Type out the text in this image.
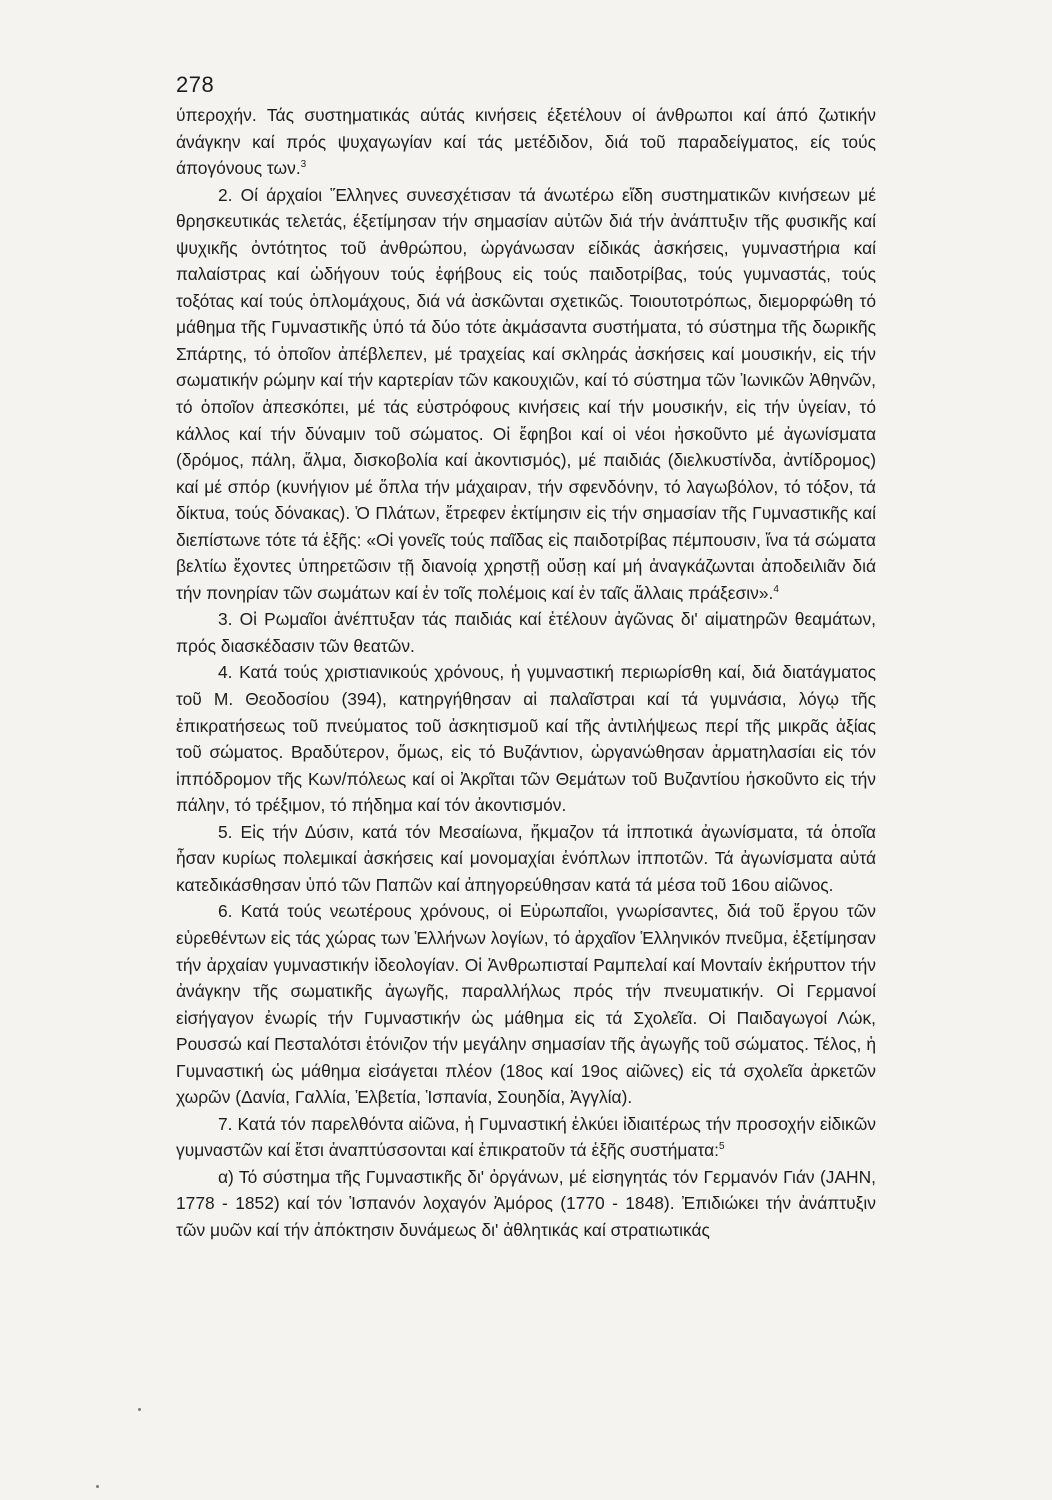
278

ύπεροχήν. Τάς συστηματικάς αύτάς κινήσεις έξετέλουν οί άνθρωποι καί άπό ζωτικήν άνάγκην καί πρός ψυχαγωγίαν καί τάς μετέδιδον, διά τοῦ παραδείγματος, είς τούς άπογόνους των.$^3$

2. Οί άρχαίοι Ἕλληνες συνεσχέτισαν τά άνωτέρω εἴδη συστηματικῶν κινήσεων μέ θρησκευτικάς τελετάς, έξετίμησαν τήν σημασίαν αὐτῶν διά τήν ἀνάπτυξιν τῆς φυσικῆς καί ψυχικῆς ὀντότητος τοῦ ἀνθρώπου, ὠργάνωσαν είδικάς ἀσκήσεις, γυμναστήρια καί παλαίστρας καί ὡδήγουν τούς ἐφήβους εἰς τούς παιδοτρίβας, τούς γυμναστάς, τούς τοξότας καί τούς ὁπλομάχους, διά νά ἀσκῶνται σχετικῶς. Τοιουτοτρόπως, διεμορφώθη τό μάθημα τῆς Γυμναστικῆς ὑπό τά δύο τότε ἀκμάσαντα συστήματα, τό σύστημα τῆς δωρικῆς Σπάρτης, τό ὁποῖον ἀπέβλεπεν, μέ τραχείας καί σκληράς ἀσκήσεις καί μουσικήν, εἰς τήν σωματικήν ρώμην καί τήν καρτερίαν τῶν κακουχιῶν, καί τό σύστημα τῶν Ἰωνικῶν Ἀθηνῶν, τό ὁποῖον ἀπεσκόπει, μέ τάς εὐστρόφους κινήσεις καί τήν μουσικήν, εἰς τήν ὑγείαν, τό κάλλος καί τήν δύναμιν τοῦ σώματος. Οἱ ἔφηβοι καί οἱ νέοι ἠσκοῦντο μέ ἀγωνίσματα (δρόμος, πάλη, ἅλμα, δισκοβολία καί ἀκοντισμός), μέ παιδιάς (διελκυστίνδα, ἀντίδρομος) καί μέ σπόρ (κυνήγιον μέ ὅπλα τήν μάχαιραν, τήν σφενδόνην, τό λαγωβόλον, τό τόξον, τά δίκτυα, τούς δόνακας). Ὁ Πλάτων, ἔτρεφεν ἐκτίμησιν εἰς τήν σημασίαν τῆς Γυμναστικῆς καί διεπίστωνε τότε τά ἑξῆς: «Οἱ γονεῖς τούς παῖδας εἰς παιδοτρίβας πέμπουσιν, ἵνα τά σώματα βελτίω ἔχοντες ὑπηρετῶσιν τῇ διανοίᾳ χρηστῇ οὔσῃ καί μή ἀναγκάζωνται ἀποδειλιᾶν διά τήν πονηρίαν τῶν σωμάτων καί ἐν τοῖς πολέμοις καί ἐν ταῖς ἄλλαις πράξεσιν».$^4$

3. Οἱ Ρωμαῖοι ἀνέπτυξαν τάς παιδιάς καί ἐτέλουν ἀγῶνας δι' αἱματηρῶν θεαμάτων, πρός διασκέδασιν τῶν θεατῶν.

4. Κατά τούς χριστιανικούς χρόνους, ἡ γυμναστική περιωρίσθη καί, διά διατάγματος τοῦ Μ. Θεοδοσίου (394), κατηργήθησαν αἱ παλαῖστραι καί τά γυμνάσια, λόγῳ τῆς ἐπικρατήσεως τοῦ πνεύματος τοῦ ἀσκητισμοῦ καί τῆς ἀντιλήψεως περί τῆς μικρᾶς ἀξίας τοῦ σώματος. Βραδύτερον, ὅμως, εἰς τό Βυζάντιον, ὡργανώθησαν ἁρματηλασίαι εἰς τόν ἱππόδρομον τῆς Κων/πόλεως καί οἱ Ἀκρῖται τῶν Θεμάτων τοῦ Βυζαντίου ἠσκοῦντο εἰς τήν πάλην, τό τρέξιμον, τό πήδημα καί τόν ἀκοντισμόν.

5. Εἰς τήν Δύσιν, κατά τόν Μεσαίωνα, ἤκμαζον τά ἱπποτικά ἀγωνίσματα, τά ὁποῖα ἦσαν κυρίως πολεμικαί ἀσκήσεις καί μονομαχίαι ἐνόπλων ἱπποτῶν. Τά ἀγωνίσματα αὐτά κατεδικάσθησαν ὑπό τῶν Παπῶν καί ἀπηγορεύθησαν κατά τά μέσα τοῦ 16ου αἰῶνος.

6. Κατά τούς νεωτέρους χρόνους, οἱ Εὐρωπαῖοι, γνωρίσαντες, διά τοῦ ἔργου τῶν εὑρεθέντων εἰς τάς χώρας των Ἑλλήνων λογίων, τό ἀρχαῖον Ἑλληνικόν πνεῦμα, ἐξετίμησαν τήν ἀρχαίαν γυμναστικήν ἰδεολογίαν. Οἱ Ἀνθρωπισταί Ραμπελαί καί Μονταίν ἐκήρυττον τήν ἀνάγκην τῆς σωματικῆς ἀγωγῆς, παραλλήλως πρός τήν πνευματικήν. Οἱ Γερμανοί εἰσήγαγον ἐνωρίς τήν Γυμναστικήν ὡς μάθημα εἰς τά Σχολεῖα. Οἱ Παιδαγωγοί Λώκ, Ρουσσώ καί Πεσταλότσι ἐτόνιζον τήν μεγάλην σημασίαν τῆς ἀγωγῆς τοῦ σώματος. Τέλος, ἡ Γυμναστική ὡς μάθημα εἰσάγεται πλέον (18ος καί 19ος αἰῶνες) εἰς τά σχολεῖα ἀρκετῶν χωρῶν (Δανία, Γαλλία, Ἑλβετία, Ἱσπανία, Σουηδία, Ἀγγλία).

7. Κατά τόν παρελθόντα αἰῶνα, ἡ Γυμναστική ἑλκύει ἰδιαιτέρως τήν προσοχήν εἰδικῶν γυμναστῶν καί ἔτσι ἀναπτύσσονται καί ἐπικρατοῦν τά ἑξῆς συστήματα:$^5$

α) Τό σύστημα τῆς Γυμναστικῆς δι' ὀργάνων, μέ εἰσηγητάς τόν Γερμανόν Γιάν (JAHN, 1778 - 1852) καί τόν Ἱσπανόν λοχαγόν Ἀμόρος (1770 - 1848). Ἐπιδιώκει τήν ἀνάπτυξιν τῶν μυῶν καί τήν ἀπόκτησιν δυνάμεως δι' ἀθλητικάς καί στρατιωτικάς
